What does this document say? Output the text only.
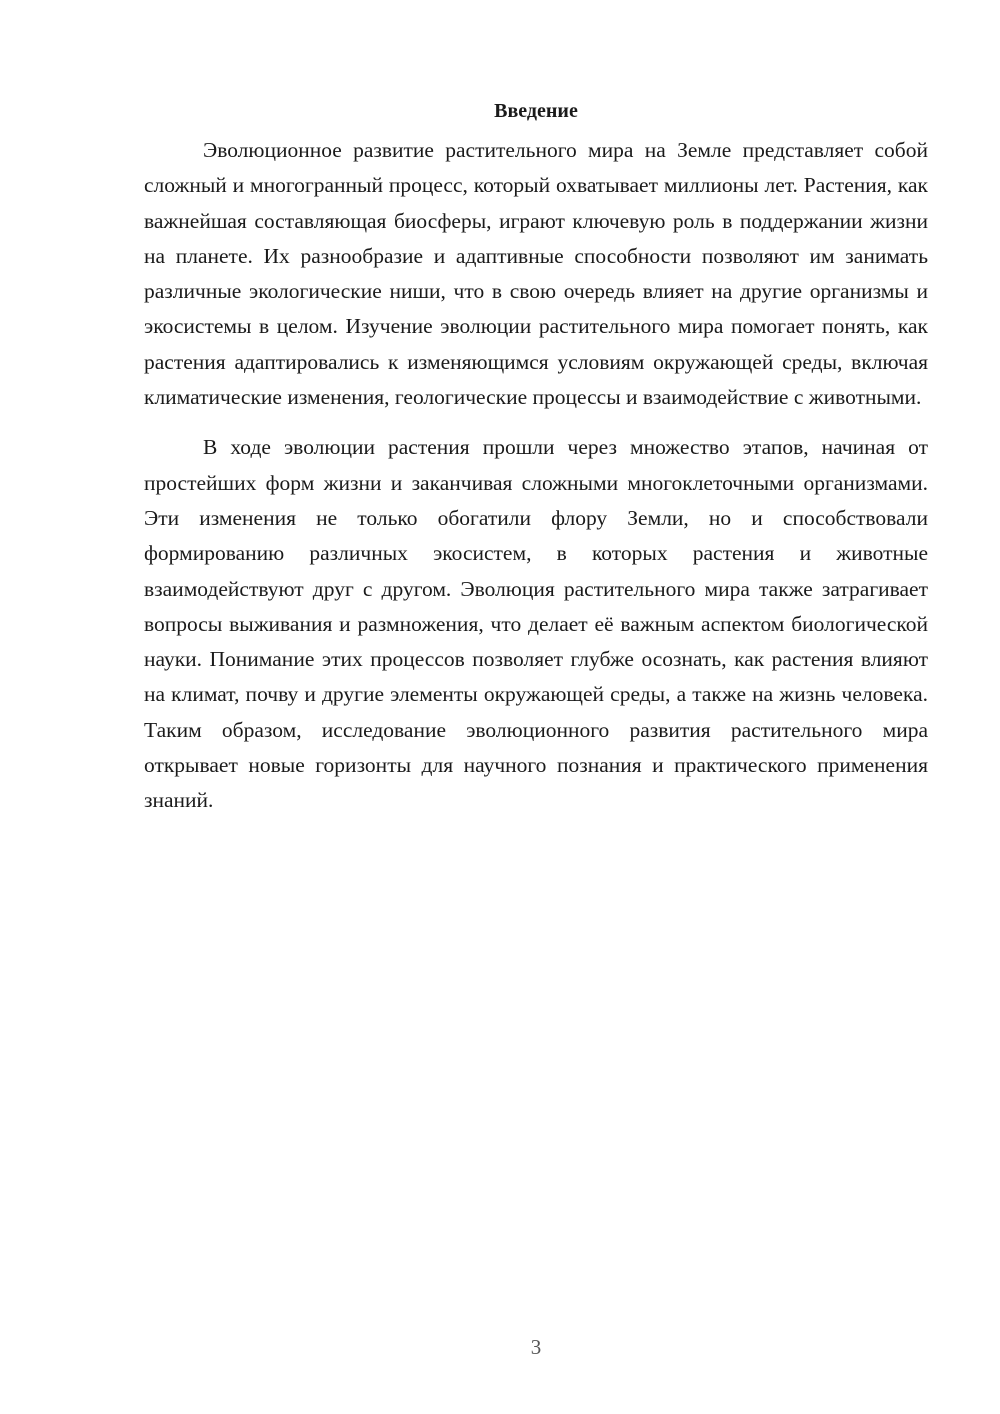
Введение

Эволюционное развитие растительного мира на Земле представляет собой сложный и многогранный процесс, который охватывает миллионы лет. Растения, как важнейшая составляющая биосферы, играют ключевую роль в поддержании жизни на планете. Их разнообразие и адаптивные способности позволяют им занимать различные экологические ниши, что в свою очередь влияет на другие организмы и экосистемы в целом. Изучение эволюции растительного мира помогает понять, как растения адаптировались к изменяющимся условиям окружающей среды, включая климатические изменения, геологические процессы и взаимодействие с животными.

В ходе эволюции растения прошли через множество этапов, начиная от простейших форм жизни и заканчивая сложными многоклеточными организмами. Эти изменения не только обогатили флору Земли, но и способствовали формированию различных экосистем, в которых растения и животные взаимодействуют друг с другом. Эволюция растительного мира также затрагивает вопросы выживания и размножения, что делает её важным аспектом биологической науки. Понимание этих процессов позволяет глубже осознать, как растения влияют на климат, почву и другие элементы окружающей среды, а также на жизнь человека. Таким образом, исследование эволюционного развития растительного мира открывает новые горизонты для научного познания и практического применения знаний.

3
